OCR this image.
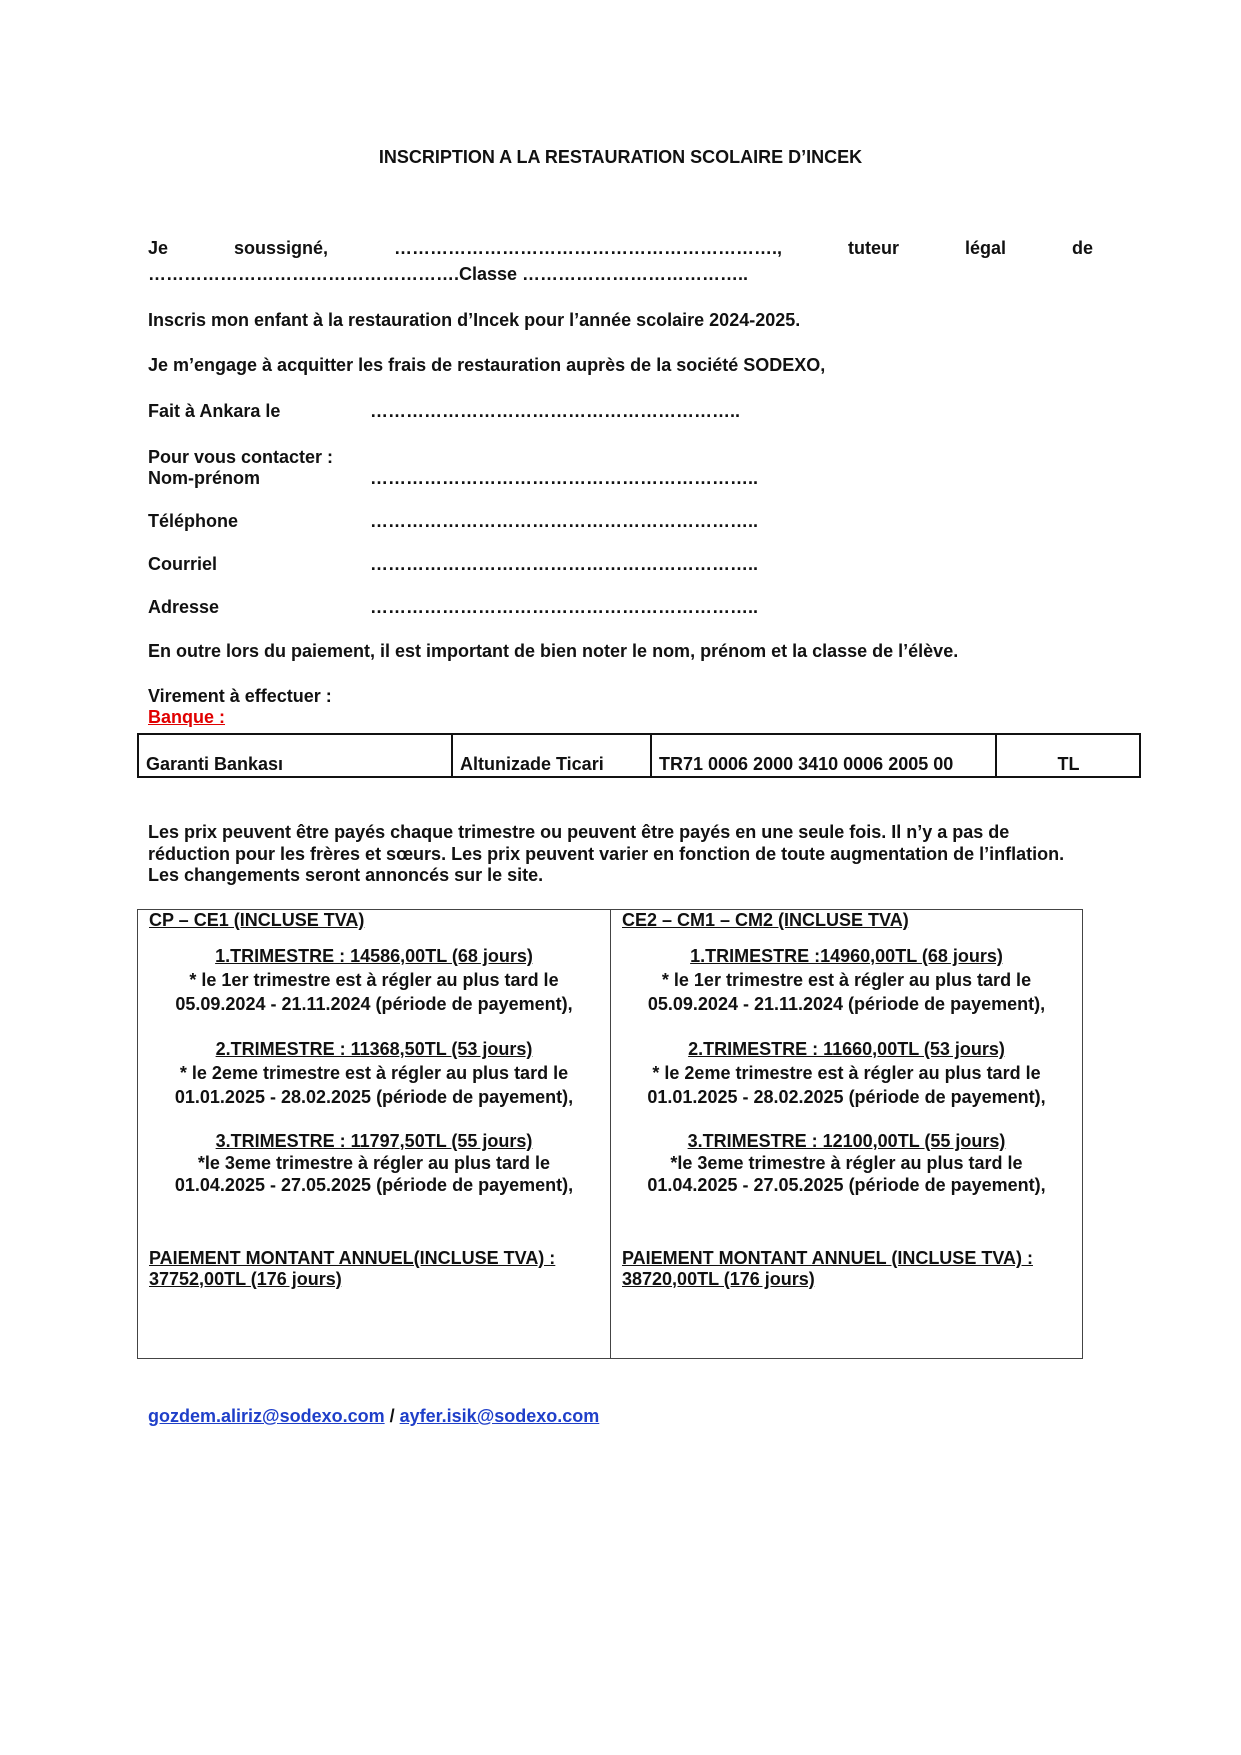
INSCRIPTION A LA RESTAURATION SCOLAIRE D’INCEK
Je	soussigné,	……………………………………………………….,	tuteur	légal	de
…………………………………………….Classe ………………………………..
Inscris mon enfant à la restauration d’Incek pour l’année scolaire 2024-2025.
Je m’engage à acquitter les frais de restauration auprès de la société SODEXO,
Fait à Ankara le	……………………………………………………..
Pour vous contacter :
Nom-prénom	………………………………………………………..
Téléphone	………………………………………………………..
Courriel	………………………………………………………..
Adresse	………………………………………………………..
En outre lors du paiement, il est important de bien noter le nom, prénom et la classe de l’élève.
Virement à effectuer :
Banque :
Garanti Bankası	Altunizade Ticari	TR71 0006 2000 3410 0006 2005 00	TL
Les prix peuvent être payés chaque trimestre ou peuvent être payés en une seule fois. Il n’y a pas de réduction pour les frères et sœurs. Les prix peuvent varier en fonction de toute augmentation de l’inflation. Les changements seront annoncés sur le site.
CP – CE1 (INCLUSE TVA)
1.TRIMESTRE : 14586,00TL (68 jours)
* le 1er trimestre est à régler au plus tard le
05.09.2024 - 21.11.2024 (période de payement),
2.TRIMESTRE : 11368,50TL (53 jours)
* le 2eme trimestre est à régler au plus tard le
01.01.2025 - 28.02.2025 (période de payement),
3.TRIMESTRE : 11797,50TL (55 jours)
*le 3eme trimestre à régler au plus tard le
01.04.2025 - 27.05.2025 (période de payement),
PAIEMENT MONTANT ANNUEL(INCLUSE TVA) :
37752,00TL (176 jours)
CE2 – CM1 – CM2 (INCLUSE TVA)
1.TRIMESTRE :14960,00TL (68 jours)
* le 1er trimestre est à régler au plus tard le
05.09.2024 - 21.11.2024 (période de payement),
2.TRIMESTRE : 11660,00TL (53 jours)
* le 2eme trimestre est à régler au plus tard le
01.01.2025 - 28.02.2025 (période de payement),
3.TRIMESTRE : 12100,00TL (55 jours)
*le 3eme trimestre à régler au plus tard le
01.04.2025 - 27.05.2025 (période de payement),
PAIEMENT MONTANT ANNUEL (INCLUSE TVA) :
38720,00TL (176 jours)
gozdem.aliriz@sodexo.com / ayfer.isik@sodexo.com
